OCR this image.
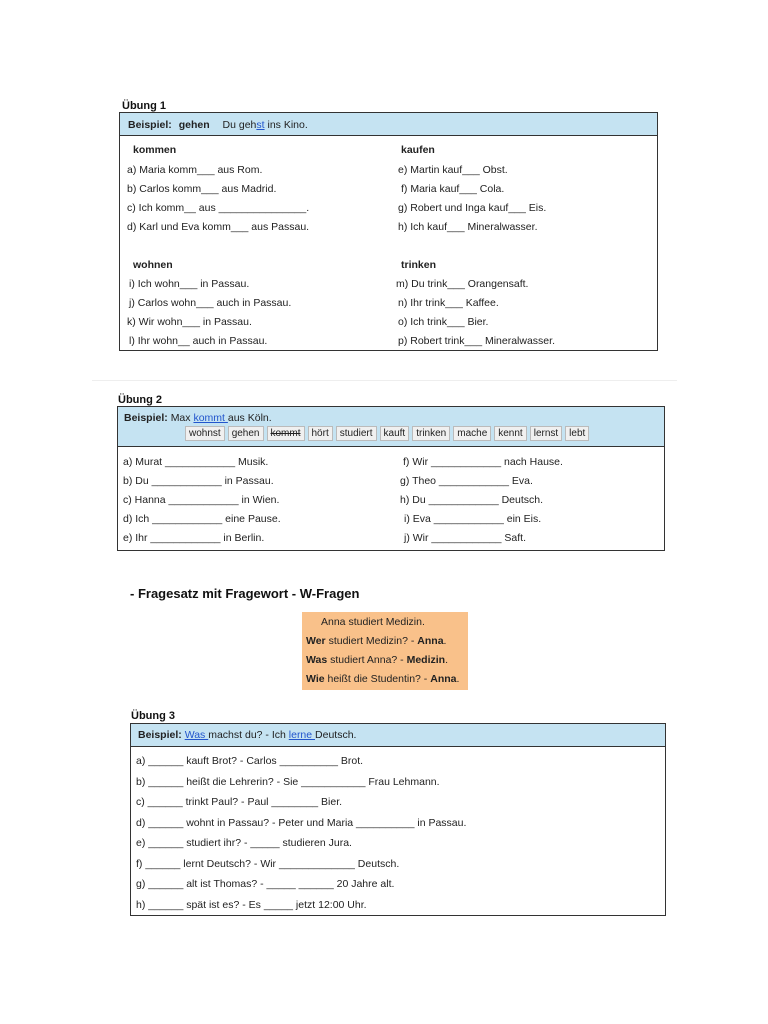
Übung 1
Beispiel: gehen Du gehst ins Kino.
kommen
a) Maria komm___ aus Rom.
b) Carlos komm___ aus Madrid.
c) Ich komm__ aus _______________.
d) Karl und Eva komm___ aus Passau.
kaufen
e) Martin kauf___ Obst.
f) Maria kauf___ Cola.
g) Robert und Inga kauf___ Eis.
h) Ich kauf___ Mineralwasser.
wohnen
i) Ich wohn___ in Passau.
j) Carlos wohn___ auch in Passau.
k) Wir wohn___ in Passau.
l) Ihr wohn__ auch in Passau.
trinken
m) Du trink___ Orangensaft.
n) Ihr trink___ Kaffee.
o) Ich trink___ Bier.
p) Robert trink___ Mineralwasser.
Übung 2
Beispiel: Max kommt aus Köln.
wohnst	gehen	kommt	hört	studiert	kauft	trinken	mache	kennt	lernst	lebt
a) Murat ____________ Musik.
b) Du ____________ in Passau.
c) Hanna ____________ in Wien.
d) Ich ____________ eine Pause.
e) Ihr ____________ in Berlin.
f) Wir ____________ nach Hause.
g) Theo ____________ Eva.
h) Du ____________ Deutsch.
i) Eva ____________ ein Eis.
j) Wir ____________ Saft.
- Fragesatz mit Fragewort - W-Fragen
Anna studiert Medizin.
Wer studiert Medizin? - Anna.
Was studiert Anna? - Medizin.
Wie heißt die Studentin? - Anna.
Übung 3
Beispiel: Was machst du? - Ich lerne Deutsch.
a) ______ kauft Brot? - Carlos __________ Brot.
b) ______ heißt die Lehrerin? - Sie ___________ Frau Lehmann.
c) ______ trinkt Paul? - Paul ________ Bier.
d) ______ wohnt in Passau? - Peter und Maria __________ in Passau.
e) ______ studiert ihr? - _____ studieren Jura.
f) ______ lernt Deutsch? - Wir _____________ Deutsch.
g) ______ alt ist Thomas? - _____ ______ 20 Jahre alt.
h) ______ spät ist es? - Es _____ jetzt 12:00 Uhr.
